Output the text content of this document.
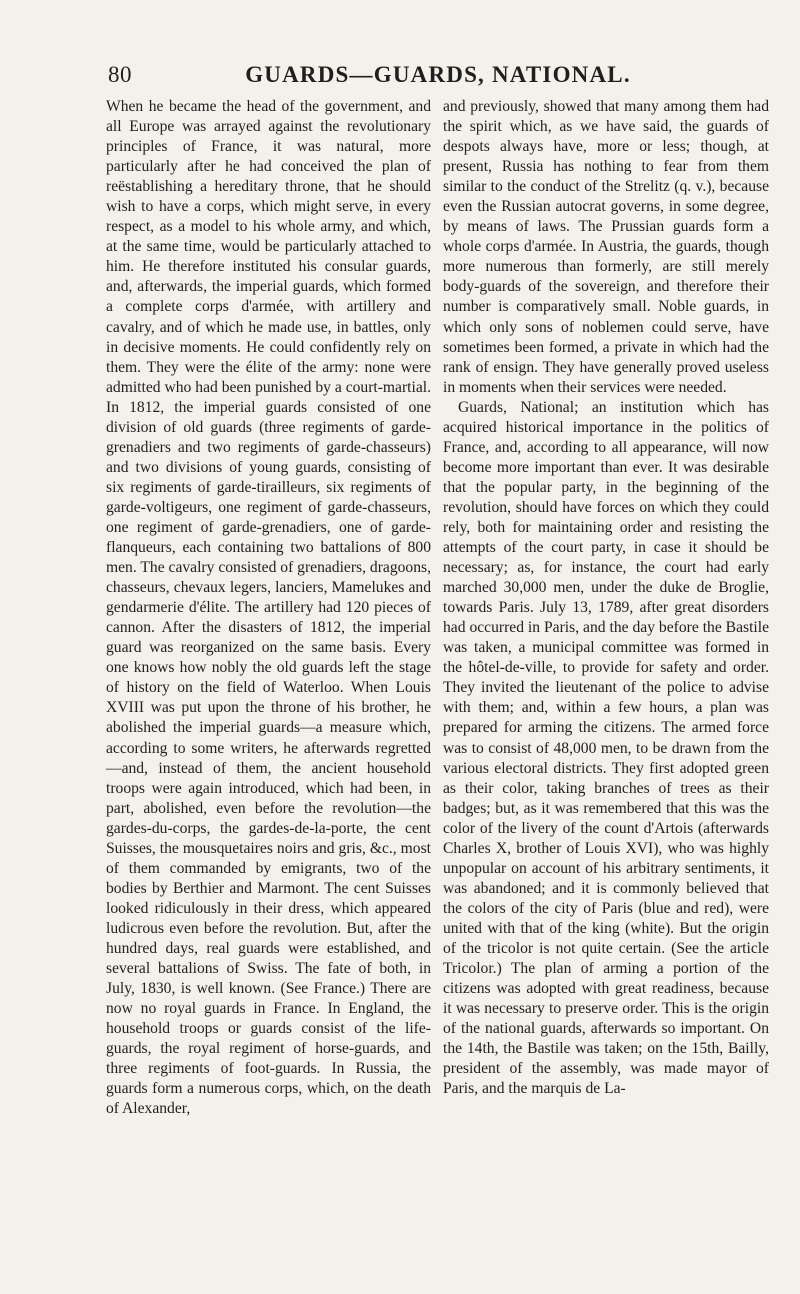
80	GUARDS—GUARDS, NATIONAL.

When he became the head of the government, and all Europe was arrayed against the revolutionary principles of France, it was natural, more particularly after he had conceived the plan of reëstablishing a hereditary throne, that he should wish to have a corps, which might serve, in every respect, as a model to his whole army, and which, at the same time, would be particularly attached to him. He therefore instituted his consular guards, and, afterwards, the imperial guards, which formed a complete corps d'armée, with artillery and cavalry, and of which he made use, in battles, only in decisive moments. He could confidently rely on them. They were the élite of the army: none were admitted who had been punished by a court-martial. In 1812, the imperial guards consisted of one division of old guards (three regiments of garde-grenadiers and two regiments of garde-chasseurs) and two divisions of young guards, consisting of six regiments of garde-tirailleurs, six regiments of garde-voltigeurs, one regiment of garde-chasseurs, one regiment of garde-grenadiers, one of garde-flanqueurs, each containing two battalions of 800 men. The cavalry consisted of grenadiers, dragoons, chasseurs, chevaux legers, lanciers, Mamelukes and gendarmerie d'élite. The artillery had 120 pieces of cannon. After the disasters of 1812, the imperial guard was reorganized on the same basis. Every one knows how nobly the old guards left the stage of history on the field of Waterloo. When Louis XVIII was put upon the throne of his brother, he abolished the imperial guards—a measure which, according to some writers, he afterwards regretted—and, instead of them, the ancient household troops were again introduced, which had been, in part, abolished, even before the revolution—the gardes-du-corps, the gardes-de-la-porte, the cent Suisses, the mousquetaires noirs and gris, &c., most of them commanded by emigrants, two of the bodies by Berthier and Marmont. The cent Suisses looked ridiculously in their dress, which appeared ludicrous even before the revolution. But, after the hundred days, real guards were established, and several battalions of Swiss. The fate of both, in July, 1830, is well known. (See France.) There are now no royal guards in France. In England, the household troops or guards consist of the life-guards, the royal regiment of horse-guards, and three regiments of foot-guards. In Russia, the guards form a numerous corps, which, on the death of Alexander,

and previously, showed that many among them had the spirit which, as we have said, the guards of despots always have, more or less; though, at present, Russia has nothing to fear from them similar to the conduct of the Strelitz (q. v.), because even the Russian autocrat governs, in some degree, by means of laws. The Prussian guards form a whole corps d'armée. In Austria, the guards, though more numerous than formerly, are still merely body-guards of the sovereign, and therefore their number is comparatively small. Noble guards, in which only sons of noblemen could serve, have sometimes been formed, a private in which had the rank of ensign. They have generally proved useless in moments when their services were needed.

Guards, National; an institution which has acquired historical importance in the politics of France, and, according to all appearance, will now become more important than ever. It was desirable that the popular party, in the beginning of the revolution, should have forces on which they could rely, both for maintaining order and resisting the attempts of the court party, in case it should be necessary; as, for instance, the court had early marched 30,000 men, under the duke de Broglie, towards Paris. July 13, 1789, after great disorders had occurred in Paris, and the day before the Bastile was taken, a municipal committee was formed in the hôtel-de-ville, to provide for safety and order. They invited the lieutenant of the police to advise with them; and, within a few hours, a plan was prepared for arming the citizens. The armed force was to consist of 48,000 men, to be drawn from the various electoral districts. They first adopted green as their color, taking branches of trees as their badges; but, as it was remembered that this was the color of the livery of the count d'Artois (afterwards Charles X, brother of Louis XVI), who was highly unpopular on account of his arbitrary sentiments, it was abandoned; and it is commonly believed that the colors of the city of Paris (blue and red), were united with that of the king (white). But the origin of the tricolor is not quite certain. (See the article Tricolor.) The plan of arming a portion of the citizens was adopted with great readiness, because it was necessary to preserve order. This is the origin of the national guards, afterwards so important. On the 14th, the Bastile was taken; on the 15th, Bailly, president of the assembly, was made mayor of Paris, and the marquis de La-
